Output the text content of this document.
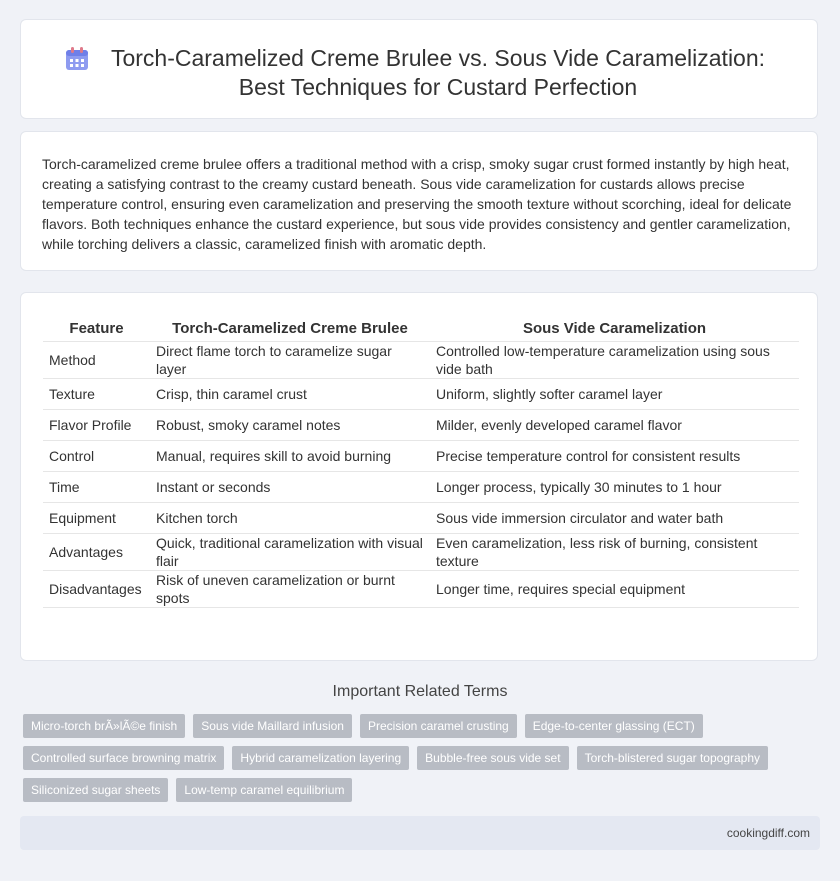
Torch-Caramelized Creme Brulee vs. Sous Vide Caramelization:
Best Techniques for Custard Perfection
Torch-caramelized creme brulee offers a traditional method with a crisp, smoky sugar crust formed instantly by high heat, creating a satisfying contrast to the creamy custard beneath. Sous vide caramelization for custards allows precise temperature control, ensuring even caramelization and preserving the smooth texture without scorching, ideal for delicate flavors. Both techniques enhance the custard experience, but sous vide provides consistency and gentler caramelization, while torching delivers a classic, caramelized finish with aromatic depth.
Feature	Torch-Caramelized Creme Brulee	Sous Vide Caramelization
Method	Direct flame torch to caramelize sugar layer	Controlled low-temperature caramelization using sous vide bath
Texture	Crisp, thin caramel crust	Uniform, slightly softer caramel layer
Flavor Profile	Robust, smoky caramel notes	Milder, evenly developed caramel flavor
Control	Manual, requires skill to avoid burning	Precise temperature control for consistent results
Time	Instant or seconds	Longer process, typically 30 minutes to 1 hour
Equipment	Kitchen torch	Sous vide immersion circulator and water bath
Advantages	Quick, traditional caramelization with visual flair	Even caramelization, less risk of burning, consistent texture
Disadvantages	Risk of uneven caramelization or burnt spots	Longer time, requires special equipment
Important Related Terms
Micro-torch brÃ»lÃ©e finish	Sous vide Maillard infusion	Precision caramel crusting	Edge-to-center glassing (ECT)
Controlled surface browning matrix	Hybrid caramelization layering	Bubble-free sous vide set	Torch-blistered sugar topography
Siliconized sugar sheets	Low-temp caramel equilibrium
cookingdiff.com
